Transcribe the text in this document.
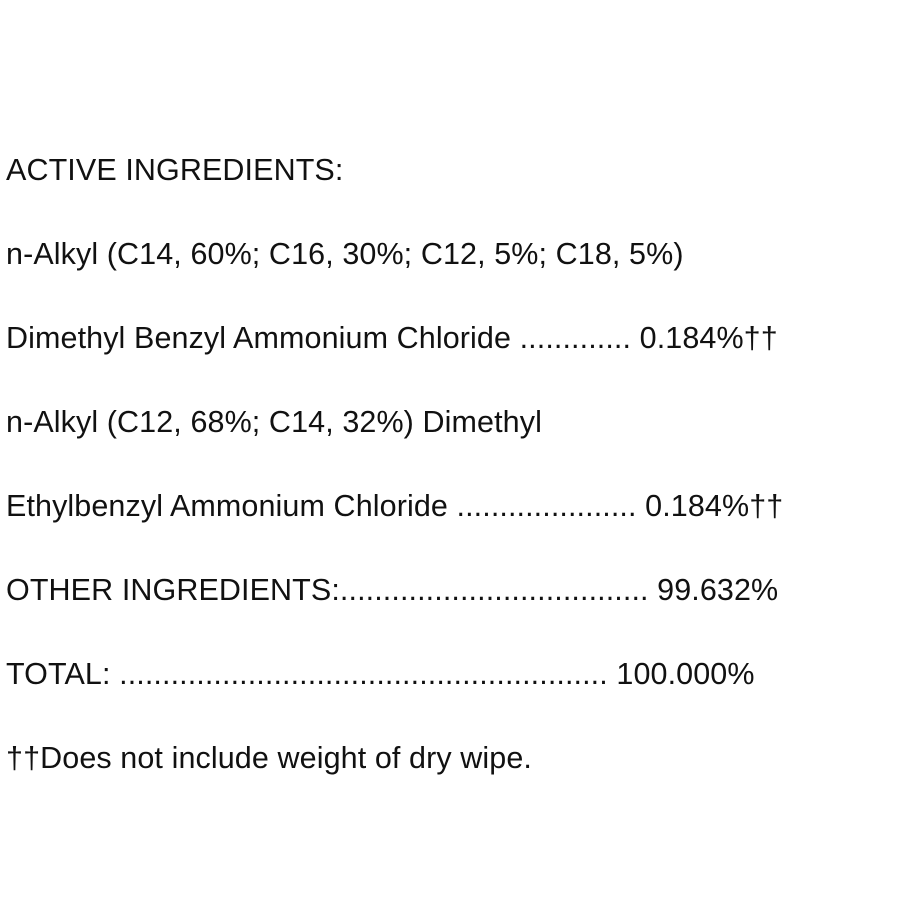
ACTIVE INGREDIENTS:
n-Alkyl (C14, 60%; C16, 30%; C12, 5%; C18, 5%)
Dimethyl Benzyl Ammonium Chloride ............. 0.184%††
n-Alkyl (C12, 68%; C14, 32%) Dimethyl
Ethylbenzyl Ammonium Chloride ..................... 0.184%††
OTHER INGREDIENTS:.................................... 99.632%
TOTAL: ......................................................... 100.000%
††Does not include weight of dry wipe.
